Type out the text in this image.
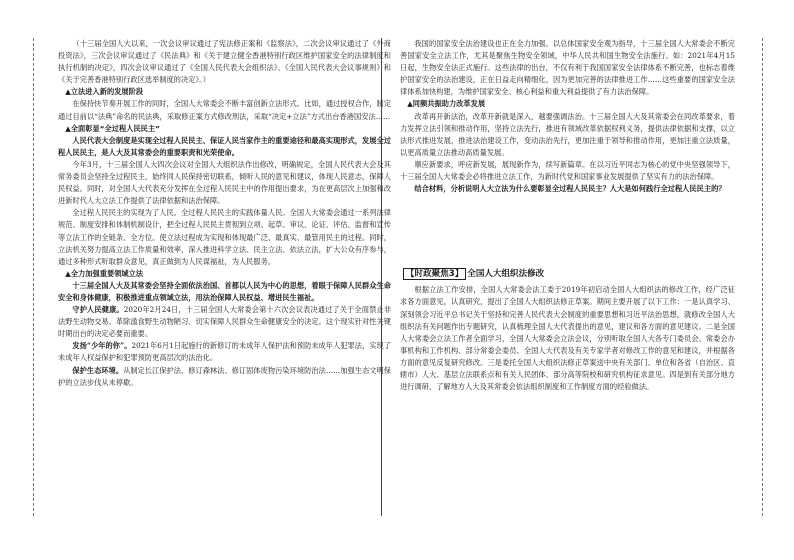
（十三届全国人大以来，一次会议审议通过了宪法修正案和《监察法》，二次会议审议通过了《外商投资法》，三次会议审议通过了《民法典》和《关于建立健全香港特别行政区维护国家安全的法律制度和执行机制的决定》，四次会议审议通过了《全国人民代表大会组织法》、《全国人民代表大会议事规则》和《关于完善香港特别行政区选举制度的决定》。）

▲立法进入新的发展阶段

在保持快节奏开展工作的同时，全国人大常委会不断丰富创新立法形式。比如，通过授权合作，制定通过目前以“法典”命名的民法典，采取修正案方式修改刑法，采取“决定+立法”方式出台香港国安法……

▲全面彰显“全过程人民民主”

人民代表大会制度是实现全过程人民民主、保证人民当家作主的重要途径和最高实现形式，发展全过程人民民主，是人大及其常委会的重要职责和光荣使命。

今年3月，十三届全国人大四次会议对全国人大组织法作出修改，明确规定，全国人民代表大会及其常务委员会坚持全过程民主，始终同人民保持密切联系，倾听人民的意见和建议，体现人民意志，保障人民权益。同时，对全国人大代表充分发挥在全过程人民民主中的作用提出要求，为在更高层次上加强和改进新时代人大立法工作提供了法律依据和法治保障。

全过程人民民主的实现为了人民。全过程人民民主的实践体量人民。全国人大常委会通过一系列法律规范、制度安排和体制机制设计，把全过程人民民主贯彻到立项、起草、审议、论证、评估、监督和宣传等立法工作的全链条、全方位。使立法过程成为实现和体现最广泛、最真实、最管用民主的过程。同时，立法机关努力提高立法工作质量和效率，深入推进科学立法、民主立法、依法立法，扩大公众有序参与，通过多种形式听取群众意见，真正做到为人民谋福祉，为人民服务。

▲全力加强重要领域立法

十三届全国人大及其常委会坚持全面依法治国、首都以人民为中心的思想，着眼于保障人民群众生命安全和身体健康，积极推进重点领域立法，用法治保障人民权益、增进民生福祉。

守护人民健康。2020年2月24日，十三届全国人大常委会第十六次会议表决通过了关于全面禁止非法野生动物交易、革除滥食野生动物陋习、切实保障人民群众生命健康安全的决定。这个现实针对性关键时期出台的决定必要而重要。

发扬“少年的你”。2021年6月1日起施行的新修订的未成年人保护法和预防未成年人犯罪法，实现了未成年人权益保护和犯罪预防更高层次的法治化。

保护生态环境。从制定长江保护法、修订森林法、修订固体废物污染环境防治法……加强生态文明保护的立法步伐从未停歇。

我国的国家安全法治建设也正在全力加强。以总体国家安全观为指导，十三届全国人大常委会不断完善国家安全立法工作，尤其是聚焦生物安全领域，中华人民共和国生物安全法施行。如：2021年4月15日起，生物安全法正式施行。这些法律的出台，不仅有利于我国国家安全法律体系不断完善，也标志着维护国家安全的法治建设，正在日益走向精细化，因为更加完善的法律推进工作……这些重要的国家安全法律体系加快构建，为维护国家安全、核心利益和重大利益提供了有力法治保障。

▲同频共振助力改革发展

改革再开新法治，改革开新就是深入，越要强调法治。十三届全国人大及其常委会在同改革要求，着力发挥立法引领和推动作用，坚持立法先行，推进有领域改革依据权利义务，提供法律依据和支撑，以立法形式推进发展，推进法治建设工作，变动法治先行，更加注重于领导和推动作用，更加注重立法质量，以更高质量立法推动高质量发展。

顺应新要求，呼应新发展，展现新作为，续写新篇章。在以习近平同志为核心的党中央坚强领导下，十三届全国人大常委会必将推进立法工作，为新时代党和国家事业发展提供了坚实有力的法治保障。

结合材料，分析说明人大立法为什么要彰显全过程人民民主？人大是如何践行全过程人民民主的？

【时政聚焦3】 全国人大组织法修改

根据立法工作安排，全国人大常委会法工委于2019年初启动全国人大组织法的修改工作，经广泛征求各方面意见，认真研究，提出了全国人大组织法修正草案。期间主要开展了以下工作：一是认真学习、深刻领会习近平总书记关于坚持和完善人民代表大会制度的重要思想和习近平法治思想，就修改全国人大组织法有关问题作出专题研究，认真梳理全国人大代表提出的意见，建议和各方面的意见建议。二是全国人大常委会立法工作者全面学习，全国人大常委会立法会议，分别听取全国人大各专门委员会、常委会办事机构和工作机构、部分常委会委员、全国人大代表及有关专家学者对修改工作的意见和建议，并根据各方面的意见反复研究修改。三是委托全国人大组织法修正草案送中央有关部门、单位和各省（自治区、直辖市）人大、基层立法联系点和有关人民团体、部分高等院校和研究机构征求意见。四是到有关部分地方进行调研，了解地方人大及其常委会依法组织制度和工作制度方面的经验做法。
